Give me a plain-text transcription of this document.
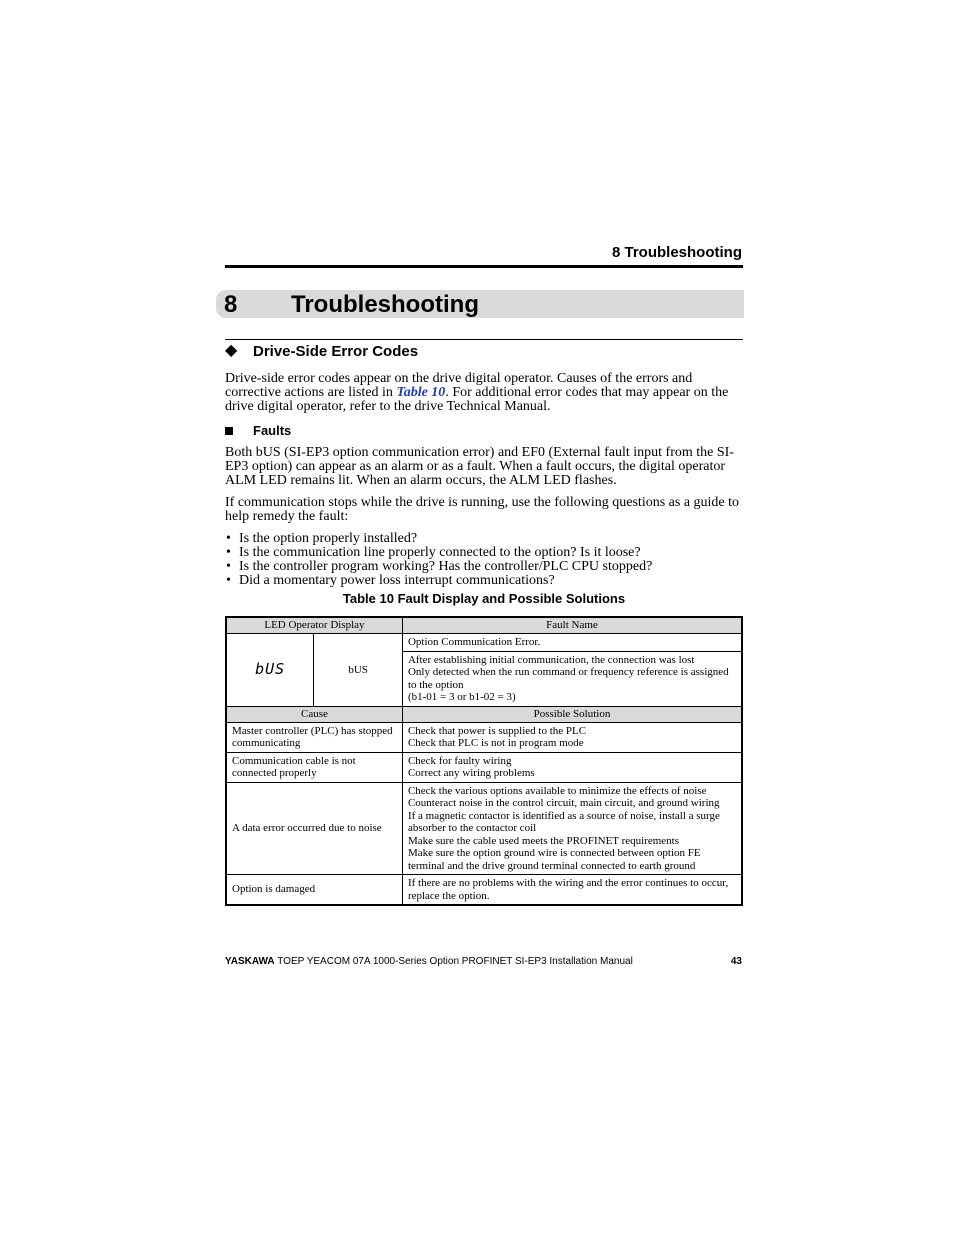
8 Troubleshooting
8 Troubleshooting
◆ Drive-Side Error Codes
Drive-side error codes appear on the drive digital operator. Causes of the errors and corrective actions are listed in Table 10. For additional error codes that may appear on the drive digital operator, refer to the drive Technical Manual.
Faults
Both bUS (SI-EP3 option communication error) and EF0 (External fault input from the SI-EP3 option) can appear as an alarm or as a fault. When a fault occurs, the digital operator ALM LED remains lit. When an alarm occurs, the ALM LED flashes.
If communication stops while the drive is running, use the following questions as a guide to help remedy the fault:
• Is the option properly installed?
• Is the communication line properly connected to the option? Is it loose?
• Is the controller program working? Has the controller/PLC CPU stopped?
• Did a momentary power loss interrupt communications?
Table 10 Fault Display and Possible Solutions
LED Operator Display		Fault Name
bUS	bUS	Option Communication Error.

		After establishing initial communication, the connection was lost
Only detected when the run command or frequency reference is assigned to the option
(b1-01 = 3 or b1-02 = 3)

Cause		Possible Solution
Master controller (PLC) has stopped communicating		Check that power is supplied to the PLC
Check that PLC is not in program mode

Communication cable is not connected properly		Check for faulty wiring
Correct any wiring problems

A data error occurred due to noise		Check the various options available to minimize the effects of noise
Counteract noise in the control circuit, main circuit, and ground wiring
If a magnetic contactor is identified as a source of noise, install a surge absorber to the contactor coil
Make sure the cable used meets the PROFINET requirements
Make sure the option ground wire is connected between option FE terminal and the drive ground terminal connected to earth ground

Option is damaged		If there are no problems with the wiring and the error continues to occur, replace the option.
YASKAWA TOEP YEACOM 07A 1000-Series Option PROFINET SI-EP3 Installation Manual	43
